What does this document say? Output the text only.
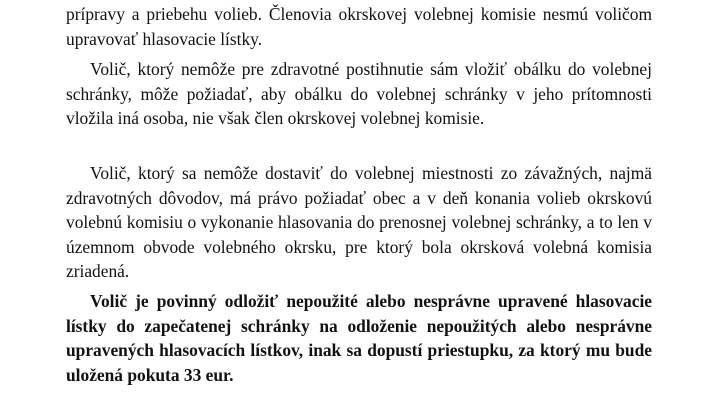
prípravy a priebehu volieb. Členovia okrskovej volebnej komisie nesmú voličom upravovať hlasovacie lístky.

Volič, ktorý nemôže pre zdravotné postihnutie sám vložiť obálku do volebnej schránky, môže požiadať, aby obálku do volebnej schránky v jeho prítomnosti vložila iná osoba, nie však člen okrskovej volebnej komisie.

Volič, ktorý sa nemôže dostaviť do volebnej miestnosti zo závažných, najmä zdravotných dôvodov, má právo požiadať obec a v deň konania volieb okrskovú volebnú komisiu o vykonanie hlasovania do prenosnej volebnej schránky, a to len v územnom obvode volebného okrsku, pre ktorý bola okrsková volebná komisia zriadená.

Volič je povinný odložiť nepoužité alebo nesprávne upravené hlasovacie lístky do zapečatenej schránky na odloženie nepoužitých alebo nesprávne upravených hlasovacích lístkov, inak sa dopustí priestupku, za ktorý mu bude uložená pokuta 33 eur.
